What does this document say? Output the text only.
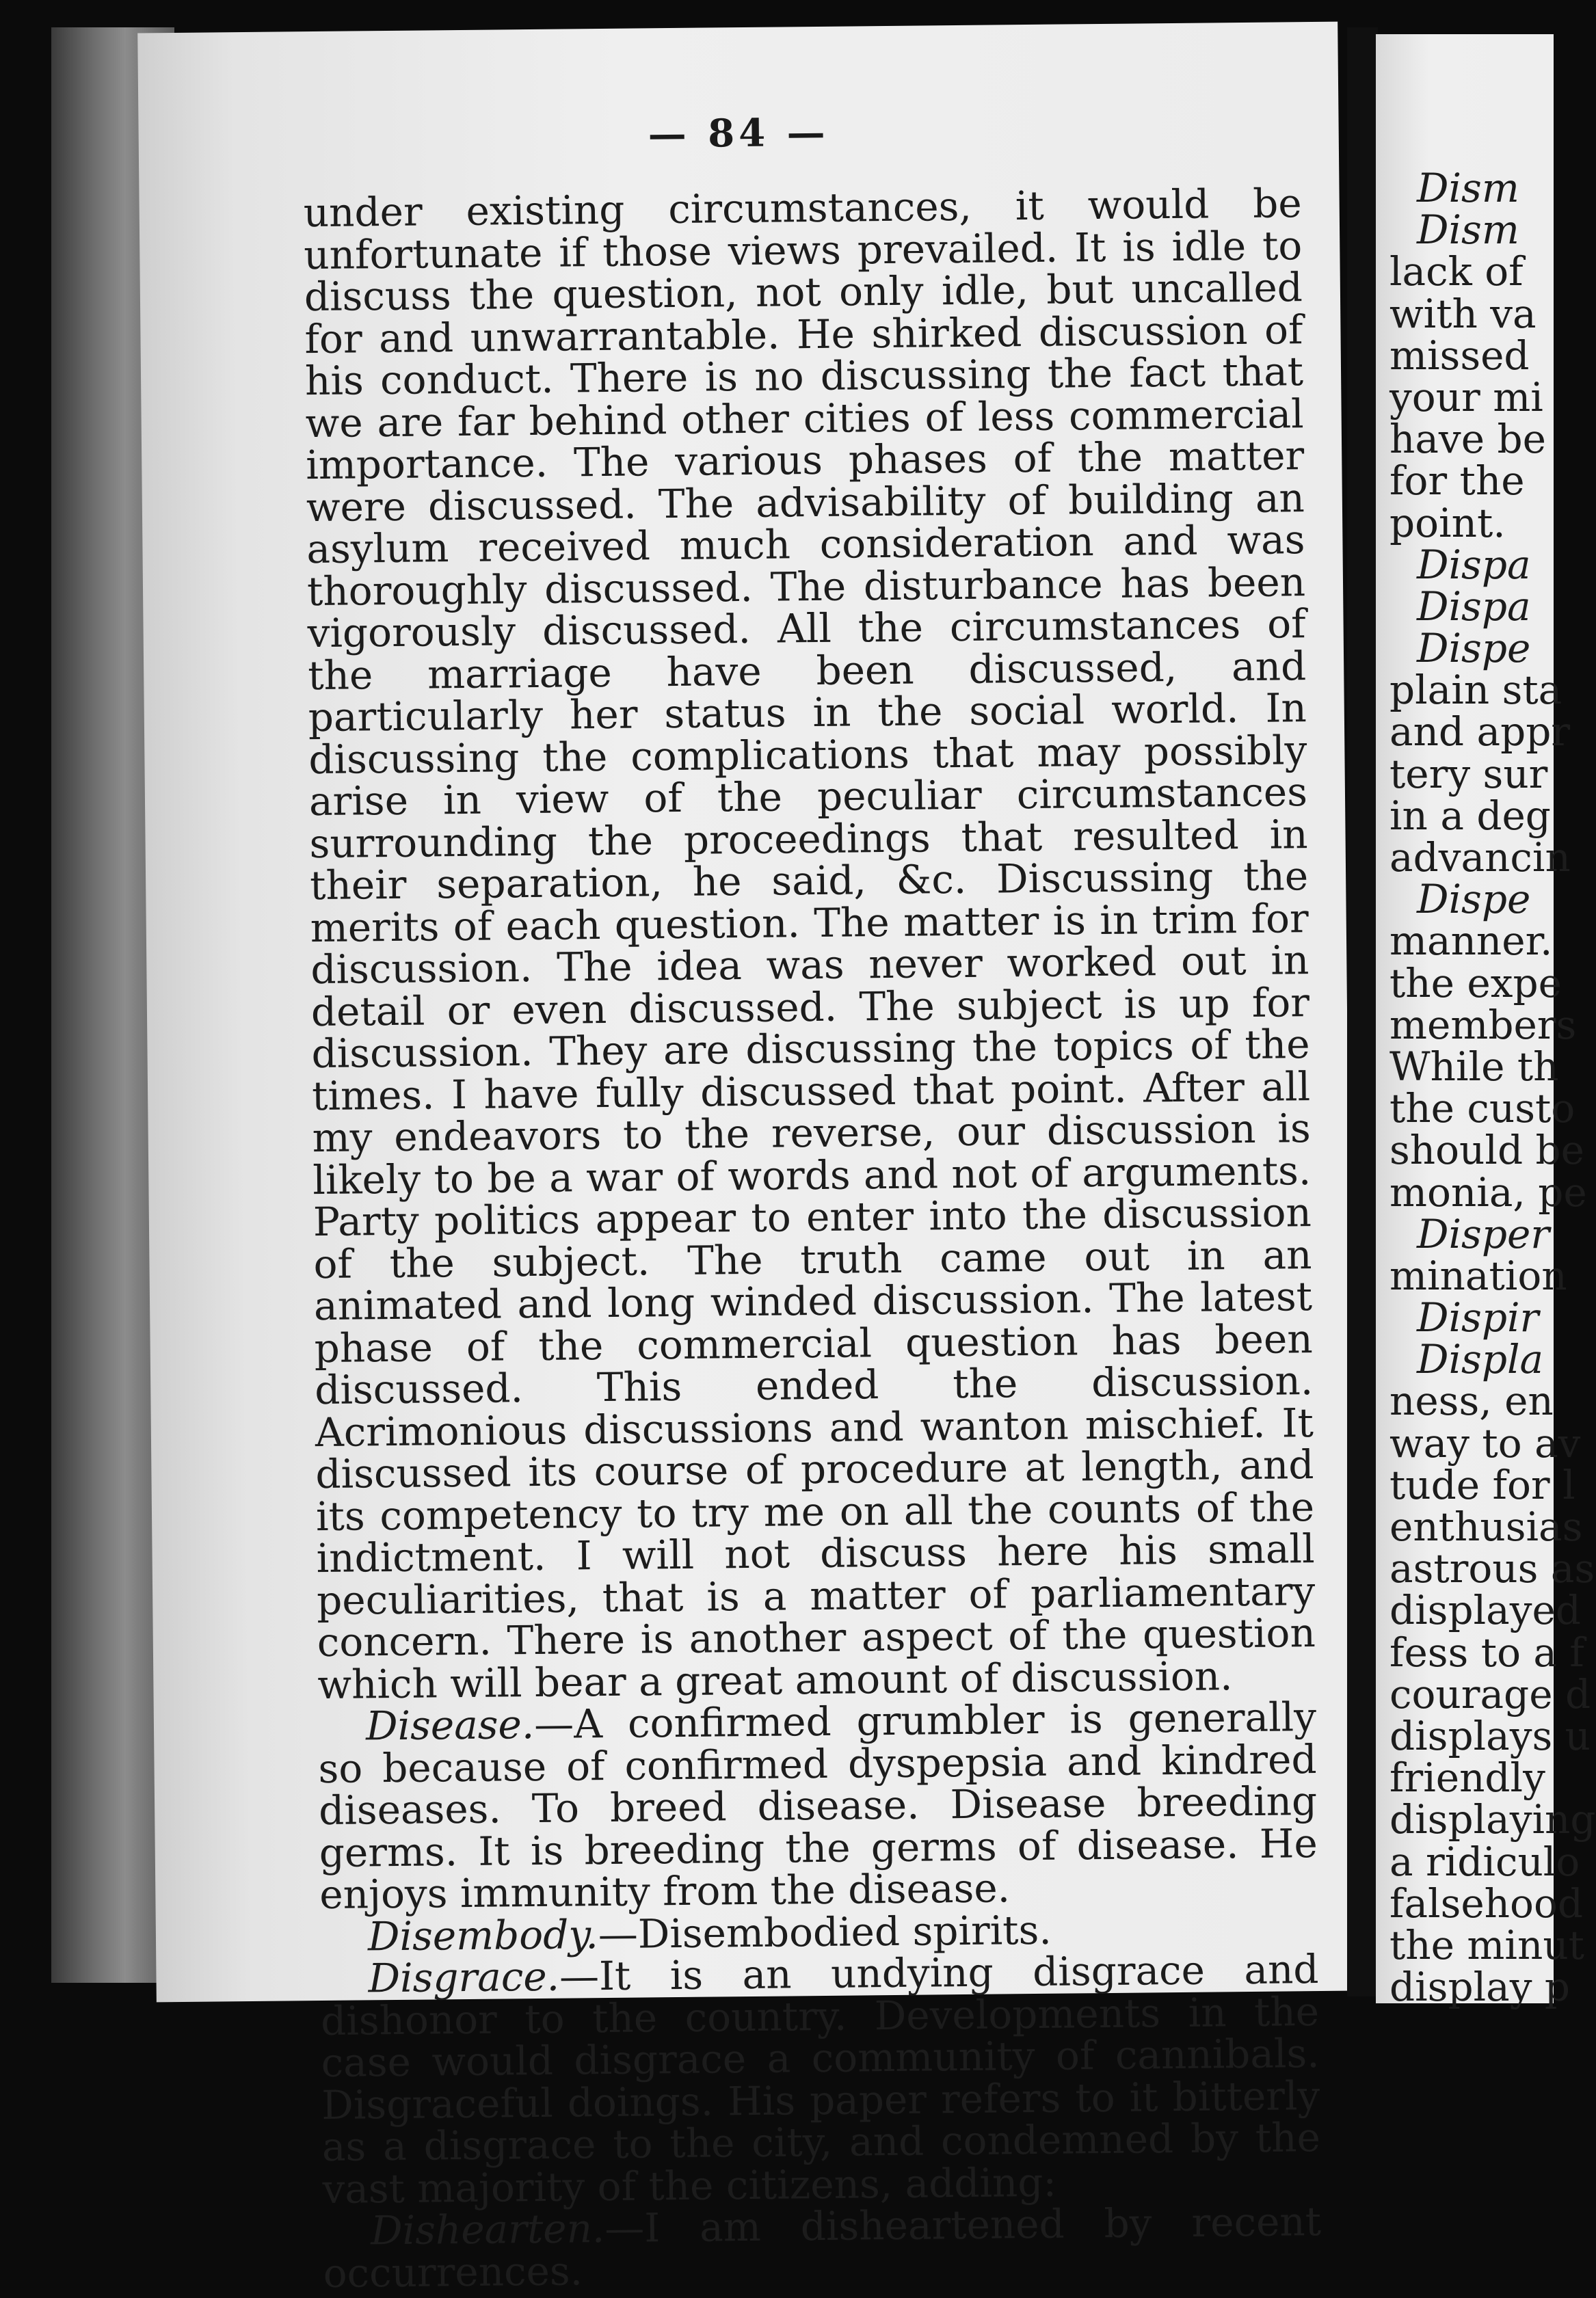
— 84 —

under existing circumstances, it would be unfortunate if those views prevailed. It is idle to discuss the question, not only idle, but uncalled for and unwarrantable. He shirked discussion of his conduct. There is no discussing the fact that we are far behind other cities of less commercial importance. The various phases of the matter were discussed. The advisability of building an asylum received much consideration and was thoroughly discussed. The disturbance has been vigorously discussed. All the circumstances of the marriage have been discussed, and particularly her status in the social world. In discussing the complications that may possibly arise in view of the peculiar circumstances surrounding the proceedings that resulted in their separation, he said, &c. Discussing the merits of each question. The matter is in trim for discussion. The idea was never worked out in detail or even discussed. The subject is up for discussion. They are discussing the topics of the times. I have fully discussed that point. After all my endeavors to the reverse, our discussion is likely to be a war of words and not of arguments. Party politics appear to enter into the discussion of the subject. The truth came out in an animated and long winded discussion. The latest phase of the commercial question has been discussed. This ended the discussion. Acrimonious discussions and wanton mischief. It discussed its course of procedure at length, and its competency to try me on all the counts of the indictment. I will not discuss here his small peculiarities, that is a matter of parliamentary concern. There is another aspect of the question which will bear a great amount of discussion.

Disease.—A confirmed grumbler is generally so because of confirmed dyspepsia and kindred diseases. To breed disease. Disease breeding germs. It is breeding the germs of disease. He enjoys immunity from the disease.

Disembody.—Disembodied spirits.

Disgrace.—It is an undying disgrace and dishonor to the country. Developments in the case would disgrace a community of cannibals. Disgraceful doings. His paper refers to it bitterly as a disgrace to the city, and condemned by the vast majority of the citizens, adding:

Dishearten.—I am disheartened by recent occurrences.

Dism
Dism
lack of
with va
missed
your mi
have be
for the
point.
Dispa
Dispa
Dispe
plain sta
and appr
tery sur
in a deg
advancin
Dispe
manner.
the expe
members
While th
the custo
should be
monia, pe
Disper
mination
Dispir
Displa
ness, en
way to av
tude for l
enthusias
astrous as
displayed
fess to a f
courage d
displays u
friendly
displaying
a ridiculo
falsehood
the minut
display p
